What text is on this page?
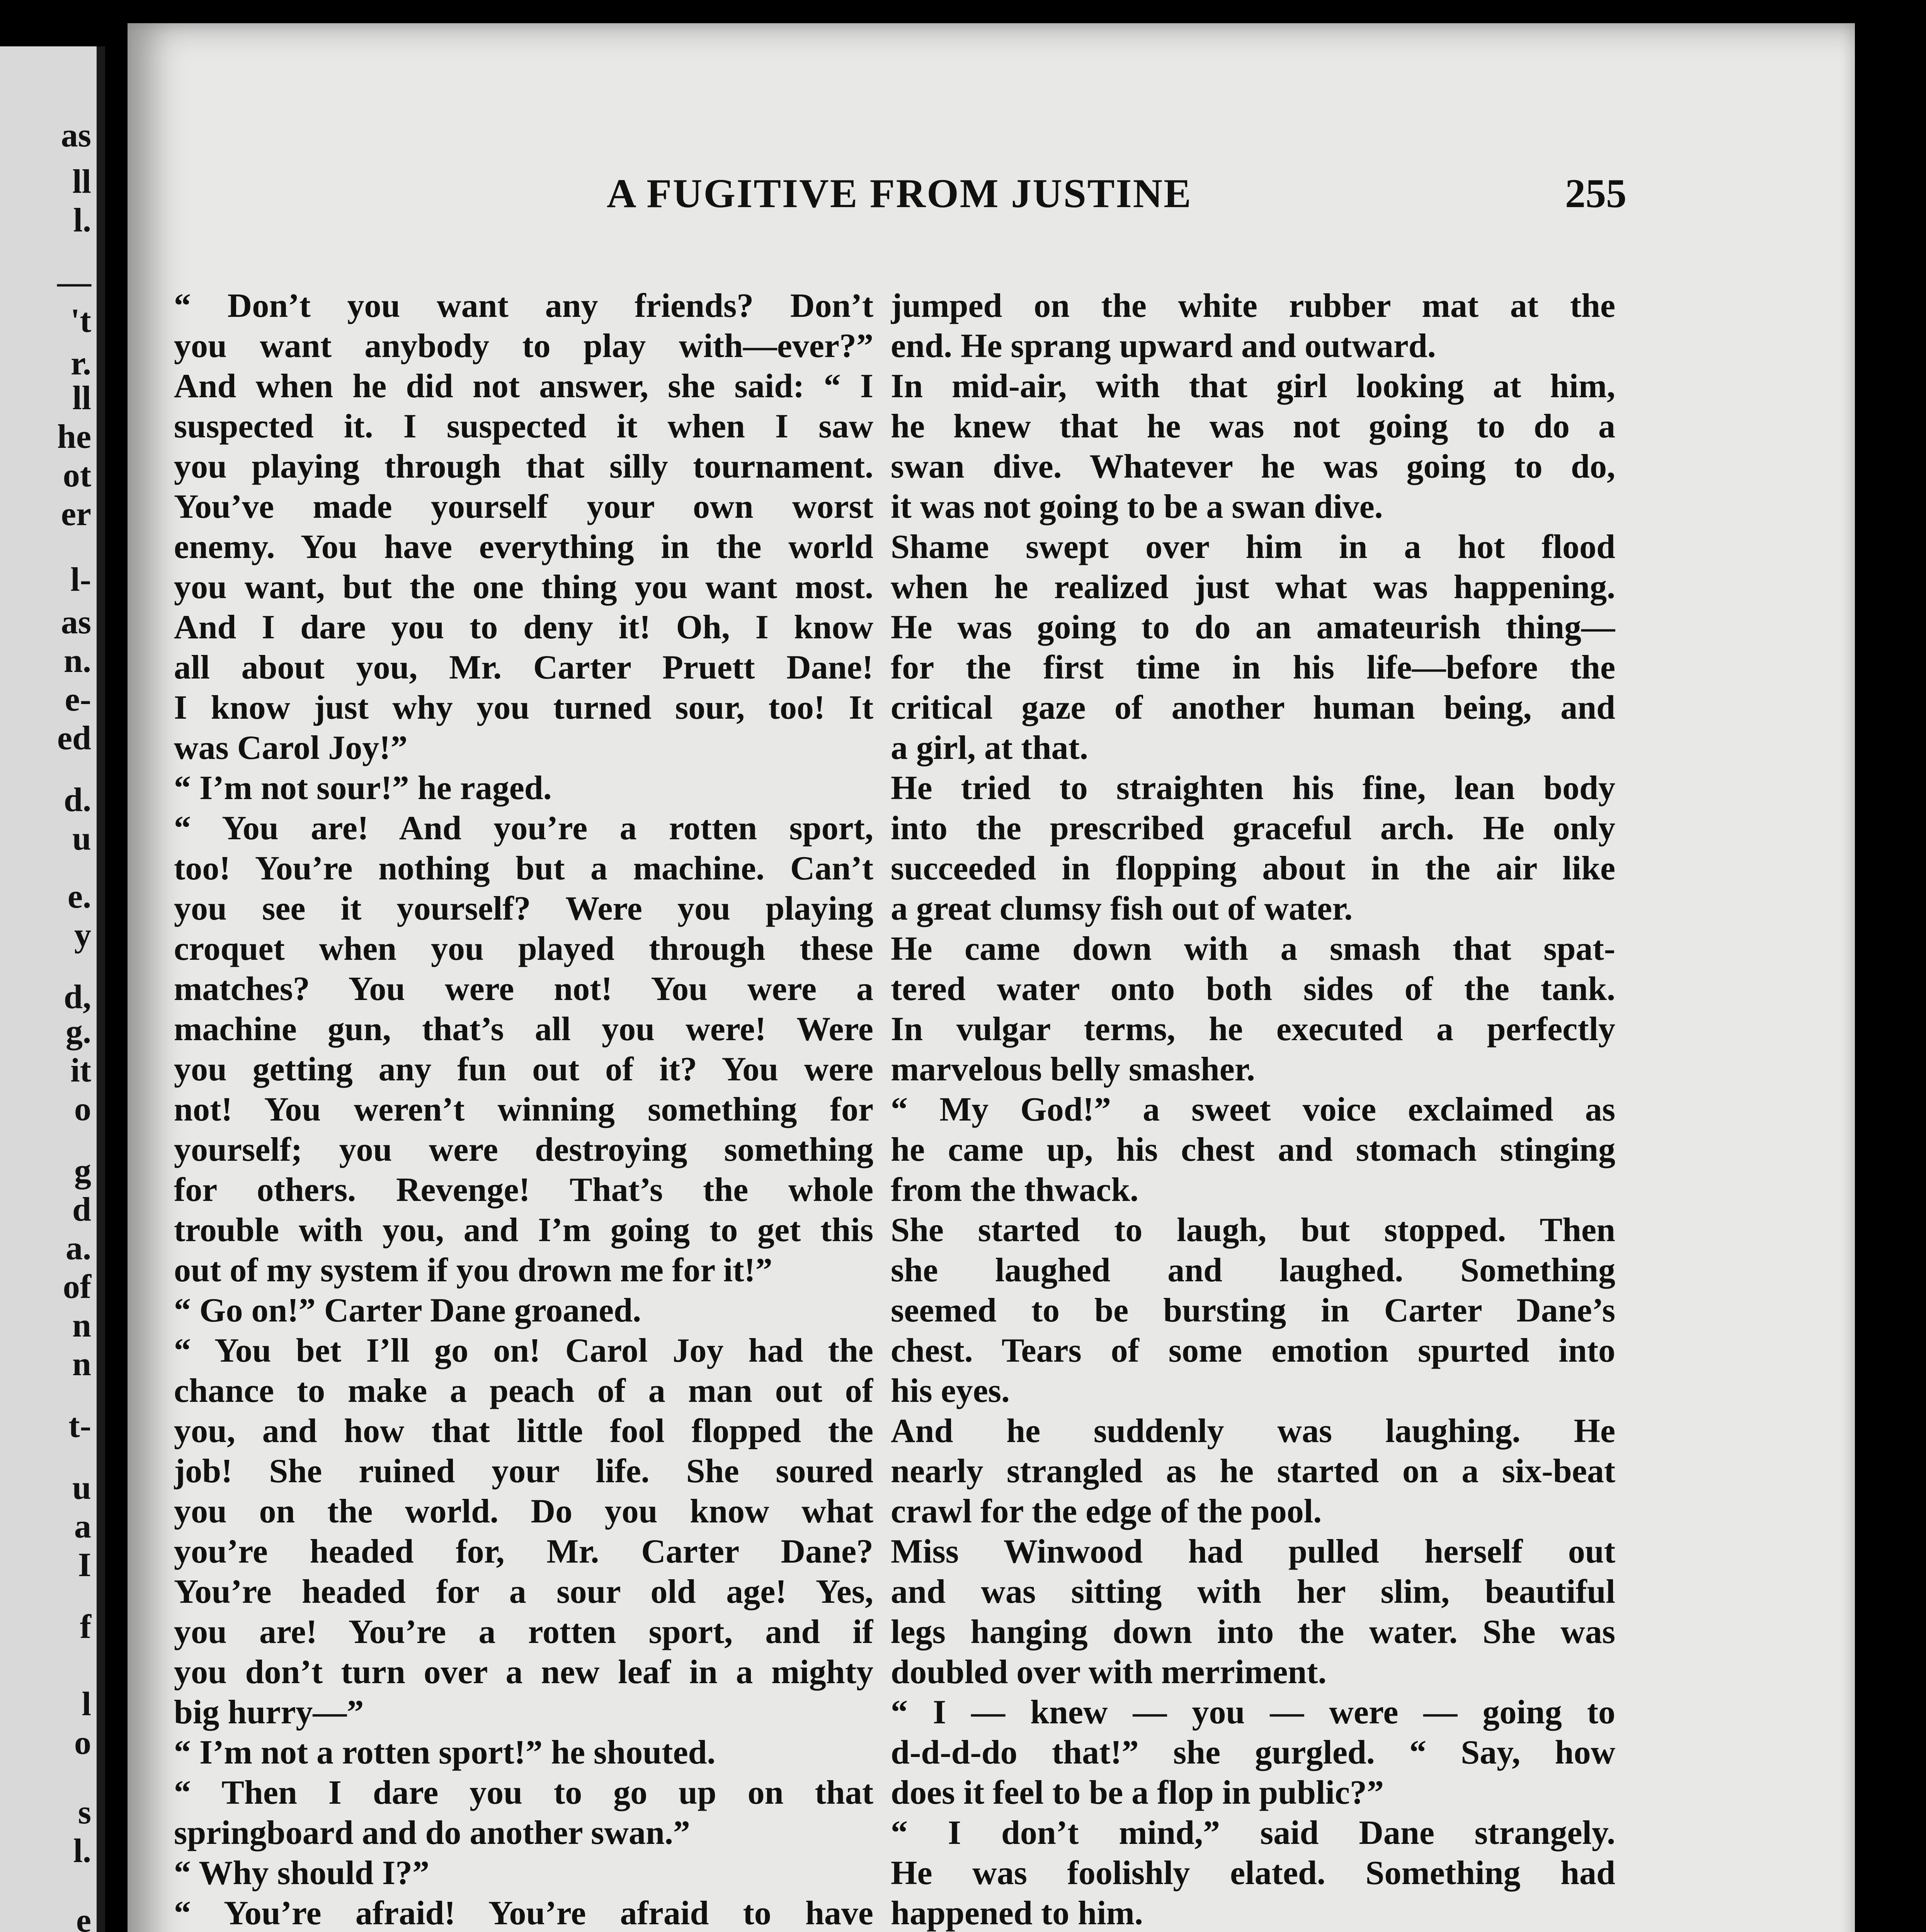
as
ll
l.
—
't
r.
ll
he
ot
er
l-
as
n.
e-
ed
d.
u
e.
y
d,
g.
it
o
g
d
a.
of
n
n
t-
u
a
I
f
l
o
s
l.
e
A FUGITIVE FROM JUSTINE	255
“ Don’t you want any friends? Don’t
you want anybody to play with—ever?”
And when he did not answer, she said: “ I
suspected it. I suspected it when I saw
you playing through that silly tournament.
You’ve made yourself your own worst
enemy. You have everything in the world
you want, but the one thing you want most.
And I dare you to deny it! Oh, I know
all about you, Mr. Carter Pruett Dane!
I know just why you turned sour, too! It
was Carol Joy!”
“ I’m not sour!” he raged.
“ You are! And you’re a rotten sport,
too! You’re nothing but a machine. Can’t
you see it yourself? Were you playing
croquet when you played through these
matches? You were not! You were a
machine gun, that’s all you were! Were
you getting any fun out of it? You were
not! You weren’t winning something for
yourself; you were destroying something
for others. Revenge! That’s the whole
trouble with you, and I’m going to get this
out of my system if you drown me for it!”
“ Go on!” Carter Dane groaned.
“ You bet I’ll go on! Carol Joy had the
chance to make a peach of a man out of
you, and how that little fool flopped the
job! She ruined your life. She soured
you on the world. Do you know what
you’re headed for, Mr. Carter Dane?
You’re headed for a sour old age! Yes,
you are! You’re a rotten sport, and if
you don’t turn over a new leaf in a mighty
big hurry—”
“ I’m not a rotten sport!” he shouted.
“ Then I dare you to go up on that
springboard and do another swan.”
“ Why should I?”
“ You’re afraid! You’re afraid to have
jumped on the white rubber mat at the
end. He sprang upward and outward.
In mid-air, with that girl looking at him,
he knew that he was not going to do a
swan dive. Whatever he was going to do,
it was not going to be a swan dive.
Shame swept over him in a hot flood
when he realized just what was happening.
He was going to do an amateurish thing—
for the first time in his life—before the
critical gaze of another human being, and
a girl, at that.
He tried to straighten his fine, lean body
into the prescribed graceful arch. He only
succeeded in flopping about in the air like
a great clumsy fish out of water.
He came down with a smash that spat-
tered water onto both sides of the tank.
In vulgar terms, he executed a perfectly
marvelous belly smasher.
“ My God!” a sweet voice exclaimed as
he came up, his chest and stomach stinging
from the thwack.
She started to laugh, but stopped. Then
she laughed and laughed. Something
seemed to be bursting in Carter Dane’s
chest. Tears of some emotion spurted into
his eyes.
And he suddenly was laughing. He
nearly strangled as he started on a six-beat
crawl for the edge of the pool.
Miss Winwood had pulled herself out
and was sitting with her slim, beautiful
legs hanging down into the water. She was
doubled over with merriment.
“ I — knew — you — were — going to
d-d-d-do that!” she gurgled. “ Say, how
does it feel to be a flop in public?”
“ I don’t mind,” said Dane strangely.
He was foolishly elated. Something had
happened to him.
